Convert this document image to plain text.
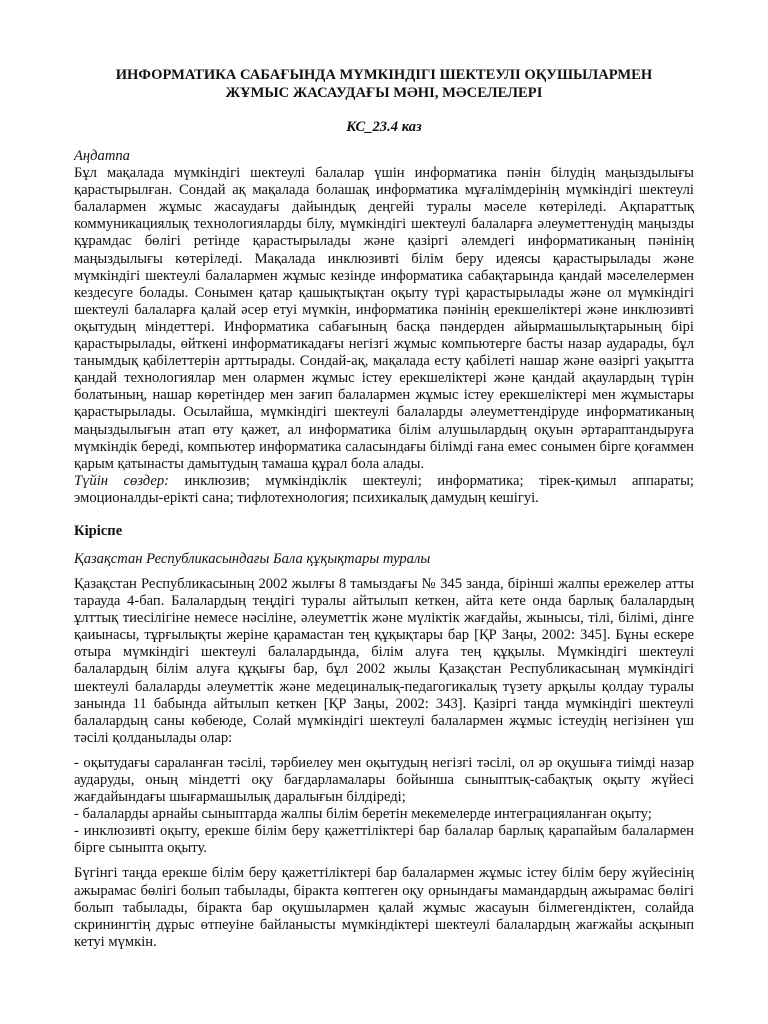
ИНФОРМАТИКА САБАҒЫНДА МҮМКІНДІГІ ШЕКТЕУЛІ ОҚУШЫЛАРМЕН
ЖҰМЫС ЖАСАУДАҒЫ МӘНІ, МӘСЕЛЕЛЕРІ

КС_23.4 каз

Аңдатпа

Бұл мақалада мүмкіндігі шектеулі балалар үшін информатика пәнін білудің маңыздылығы қарастырылған. Сондай ақ мақалада болашақ информатика мұғалімдерінің мүмкіндігі шектеулі балалармен жұмыс жасаудағы дайындық деңгейі туралы мәселе көтеріледі. Ақпараттық коммуникациялық технологияларды білу, мүмкіндігі шектеулі балаларға әлеуметтенудің маңызды құрамдас бөлігі ретінде қарастырылады және қазіргі әлемдегі информатиканың пәнінің маңыздылығы көтеріледі. Мақалада инклюзивті білім беру идеясы қарастырылады және мүмкіндігі шектеулі балалармен жұмыс кезінде информатика сабақтарында қандай мәселелермен кездесуге болады. Сонымен қатар қашықтықтан оқыту түрі қарастырылады және ол мүмкіндігі шектеулі балаларға қалай әсер етуі мүмкін, информатика пәнінің ерекшеліктері және инклюзивті оқытудың міндеттері. Информатика сабағының басқа пәндерден айырмашылықтарының бірі қарастырылады, өйткені информатикадағы негізгі жұмыс компьютерге басты назар аударады, бұл танымдық қабілеттерін арттырады. Сондай-ақ, мақалада есту қабілеті нашар және өазіргі уақытта қандай технологиялар мен олармен жұмыс істеу ерекшеліктері және қандай ақаулардың түрін болатының, нашар көретіндер мен зағип балалармен жұмыс істеу ерекшеліктері мен жұмыстары қарастырылады. Осылайша, мүмкіндігі шектеулі балаларды әлеуметтендіруде информатиканың маңыздылығын атап өту қажет, ал информатика білім алушылардың оқуын әртараптандыруға мүмкіндік береді, компьютер информатика саласындағы білімді ғана емес сонымен бірге қоғаммен қарым қатынасты дамытудың тамаша құрал бола алады.

Түйін сөздер: инклюзив; мүмкіндіклік шектеулі; информатика; тірек-қимыл аппараты; эмоционалды-ерікті сана; тифлотехнология; психикалық дамудың кешігуі.

Кіріспе

Қазақстан Республикасындағы Бала құқықтары туралы

Қазақстан Республикасының 2002 жылғы 8 тамыздағы № 345 занда, бірінші жалпы ережелер атты тарауда 4-бап. Балалардың теңдігі туралы айтылып кеткен, айта кете онда барлық балалардың ұлттық тиесілігіне немесе нәсіліне, әлеуметтік және мүліктік жағдайы, жынысы, тілі, білімі, дінге қаиынасы, тұрғылықты жеріне қарамастан тең құқықтары бар [ҚР Заңы, 2002: 345]. Бұны ескере отыра мүмкіндігі шектеулі балалардында, білім алуға тең құқылы. Мүмкіндігі шектеулі балалардың білім алуға құқығы бар, бұл 2002 жылы Қазақстан Республикасынаң мүмкіндігі шектеулі балаларды әлеуметтік және медециналық-педагогикалық түзету арқылы қолдау туралы занында 11 бабында айтылып кеткен [ҚР Заңы, 2002: 343]. Қазіргі таңда мүмкіндігі шектеулі балалардың саны көбеюде, Солай мүмкіндігі шектеулі балалармен жұмыс істеудің негізінен үш тәсілі қолданылады олар:

- оқытудағы сараланған тәсілі, тәрбиелеу мен оқытудың негізгі тәсілі, ол әр оқушыға тиімді назар аударуды, оның міндетті оқу бағдарламалары бойынша сыныптық-сабақтық оқыту жүйесі жағдайындағы шығармашылық даралығын білдіреді;

- балаларды арнайы сыныптарда жалпы білім беретін мекемелерде интеграцияланған оқыту;

- инклюзивті оқыту, ерекше білім беру қажеттіліктері бар балалар барлық қарапайым балалармен бірге сыныпта оқыту.

Бүгінгі таңда ерекше білім беру қажеттіліктері бар балалармен жұмыс істеу білім беру жүйесінің ажырамас бөлігі болып табылады, біракта көптеген оқу орнындағы мамандардың ажырамас бөлігі болып табылады, біракта бар оқушылармен қалай жұмыс жасауын білмегендіктен, солайда скринингтің дұрыс өтпеуіне байланысты мүмкіндіктері шектеулі балалардың жағжайы асқынып кетуі мүмкін.
